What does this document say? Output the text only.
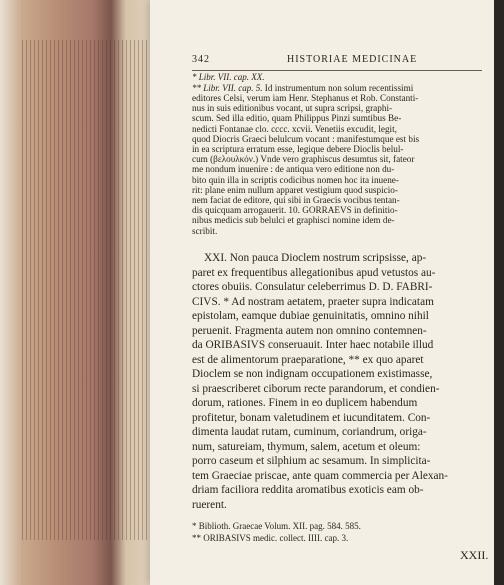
342	HISTORIAE MEDICINAE
* Libr. VII. cap. XX.
** Libr. VII. cap. 5. Id instrumentum non solum recentissimi
editores Celsi, verum iam Henr. Stephanus et Rob. Constanti-
nus in suis editionibus vocant, ut supra scripsi, graphi-
scum. Sed illa editio, quam Philippus Pinzi sumtibus Be-
nedicti Fontanae clo. cccc. xcvii. Venetiis excudit, legit,
quod Diocris Graeci belulcum vocant : manifestumque est bis
in ea scriptura erratum esse, legique debere Dioclis belul-
cum (βελουλκόν.) Vnde vero graphiscus desumtus sit, fateor
me nondum inuenire : de antiqua vero editione non du-
bito quin illa in scriptis codicibus nomen hoc ita inuene-
rit: plane enim nullum apparet vestigium quod suspicio-
nem faciat de editore, qui sibi in Graecis vocibus tentan-
dis quicquam arrogauerit. 10. GORRAEVS in definitio-
nibus medicis sub belulci et graphisci nomine idem de-
scribit.
XXI. Non pauca Dioclem nostrum scripsisse, ap-
paret ex frequentibus allegationibus apud vetustos au-
ctores obuiis. Consulatur celeberrimus D. D. FABRI-
CIVS. * Ad nostram aetatem, praeter supra indicatam
epistolam, eamque dubiae genuinitatis, omnino nihil
peruenit. Fragmenta autem non omnino contemnen-
da ORIBASIVS conseruauit. Inter haec notabile illud
est de alimentorum praeparatione, ** ex quo aparet
Dioclem se non indignam occupationem existimasse,
si praescriberet ciborum recte parandorum, et condien-
dorum, rationes. Finem in eo duplicem habendum
profitetur, bonam valetudinem et iucunditatem. Con-
dimenta laudat rutam, cuminum, coriandrum, origa-
num, satureiam, thymum, salem, acetum et oleum:
porro caseum et silphium ac sesamum. In simplicita-
tem Graeciae priscae, ante quam commercia per Alexan-
driam faciliora reddita aromatibus exoticis eam ob-
ruerent.
* Biblioth. Graecae Volum. XII. pag. 584. 585.
** ORIBASIVS medic. collect. IIII. cap. 3.
XXII.
